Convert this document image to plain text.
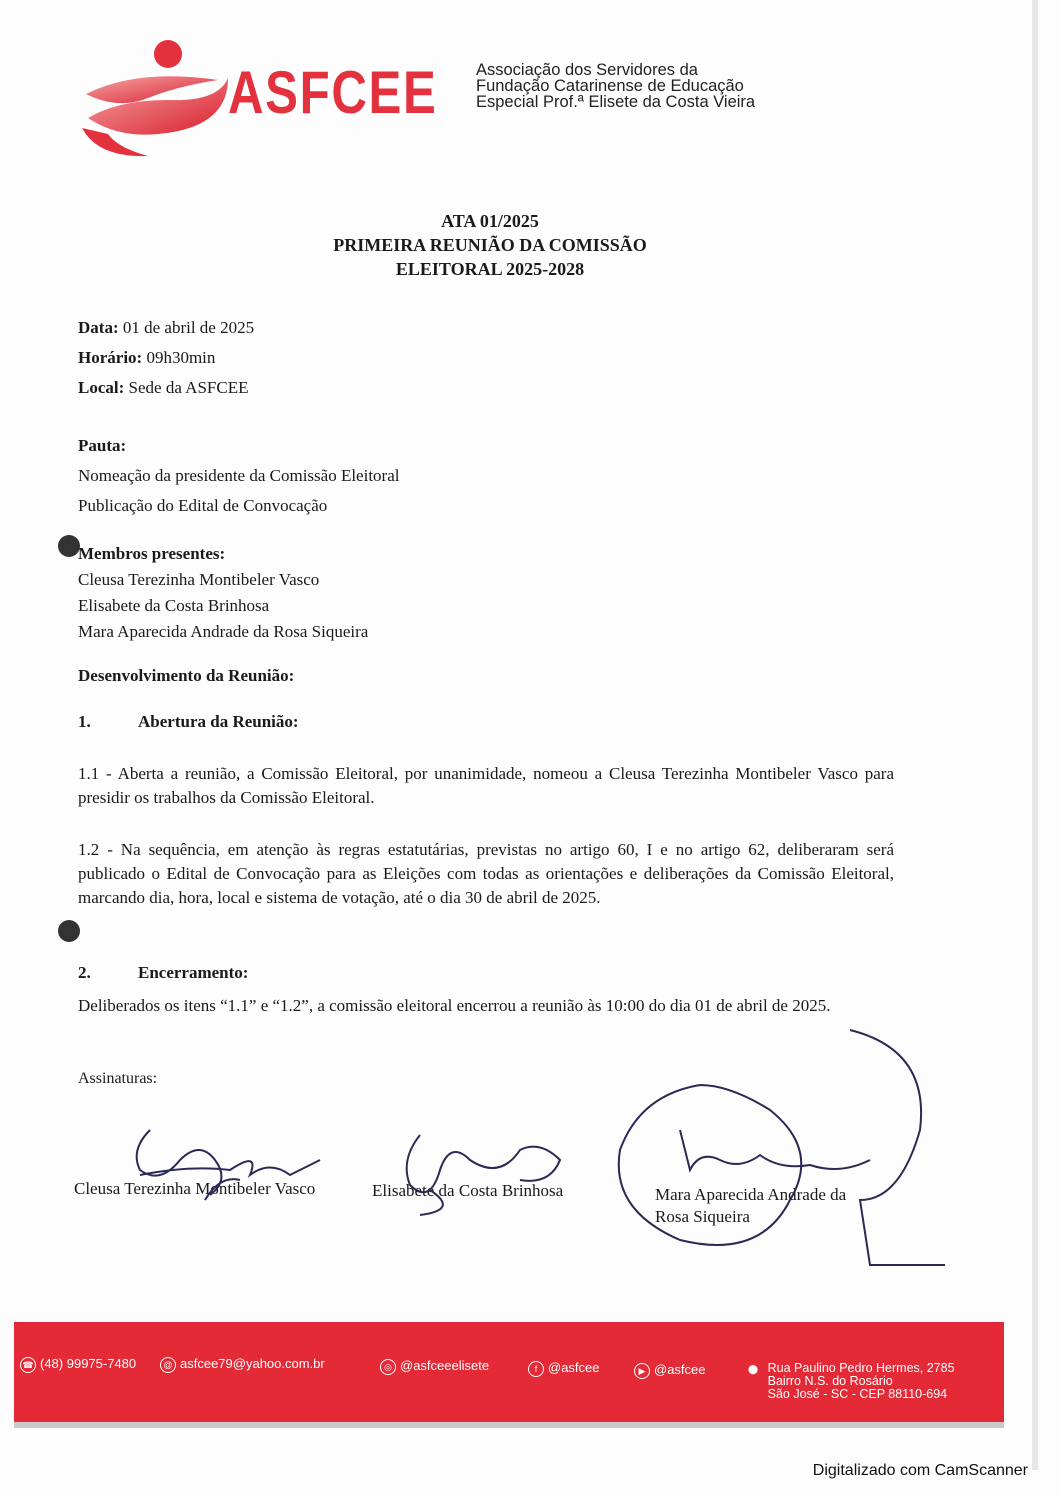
ASFCEE Associação dos Servidores da
Fundação Catarinense de Educação
Especial Prof.ª Elisete da Costa Vieira
ATA 01/2025
PRIMEIRA REUNIÃO DA COMISSÃO
ELEITORAL 2025-2028
Data: 01 de abril de 2025
Horário: 09h30min
Local: Sede da ASFCEE
Pauta:
Nomeação da presidente da Comissão Eleitoral
Publicação do Edital de Convocação
Membros presentes:
Cleusa Terezinha Montibeler Vasco
Elisabete da Costa Brinhosa
Mara Aparecida Andrade da Rosa Siqueira
Desenvolvimento da Reunião:
1.	Abertura da Reunião:
1.1 - Aberta a reunião, a Comissão Eleitoral, por unanimidade, nomeou a Cleusa Terezinha Montibeler Vasco para presidir os trabalhos da Comissão Eleitoral.
1.2 - Na sequência, em atenção às regras estatutárias, previstas no artigo 60, I e no artigo 62, deliberaram será publicado o Edital de Convocação para as Eleições com todas as orientações e deliberações da Comissão Eleitoral, marcando dia, hora, local e sistema de votação, até o dia 30 de abril de 2025.
2.	Encerramento:
Deliberados os itens “1.1” e “1.2”, a comissão eleitoral encerrou a reunião às 10:00 do dia 01 de abril de 2025.
Assinaturas:
Cleusa Terezinha Montibeler Vasco	Elisabete da Costa Brinhosa	Mara Aparecida Andrade da
Rosa Siqueira
☎ (48) 99975-7480	@ asfcee79@yahoo.com.br	◎ @asfceeelisete	f @asfcee	▶ @asfcee	⬤ Rua Paulino Pedro Hermes, 2785
Bairro N.S. do Rosário
São José - SC - CEP 88110-694
Digitalizado com CamScanner
